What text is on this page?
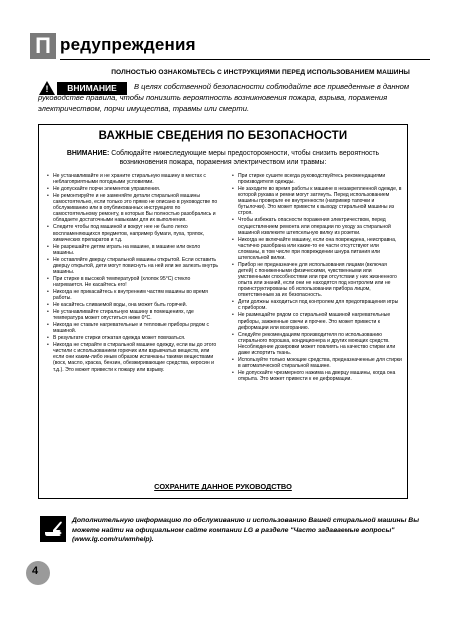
П редупреждения
ПОЛНОСТЬЮ ОЗНАКОМЬТЕСЬ С ИНСТРУКЦИЯМИ ПЕРЕД ИСПОЛЬЗОВАНИЕМ МАШИНЫ
!	ВНИМАНИЕ	В целях собственной безопасности соблюдайте все приведенные в данном руководстве правила, чтобы понизить вероятность возникновения пожара, взрыва, поражения электричеством, порчи имущества, травмы или смерти.
ВАЖНЫЕ СВЕДЕНИЯ ПО БЕЗОПАСНОСТИ
ВНИМАНИЕ: Соблюдайте нижеследующие меры предосторожности, чтобы снизить вероятность возникновения пожара, поражения электричеством или травмы:
• Не устанавливайте и не храните стиральную машину в местах с неблагоприятными погодными условиями.
• Не допускайте порчи элементов управления.
• Не ремонтируйте и не заменяйте детали стиральной машины самостоятельно, если только это прямо не описано в руководстве по обслуживанию или в опубликованных инструкциях по самостоятельному ремонту, в которых Вы полностью разобрались и обладаете достаточными навыками для их выполнения.
• Следите чтобы под машиной и вокруг нее не было легко воспламеняющихся предметов, например бумаги, пуха, тряпок, химических препаратов и т.д.
• Не разрешайте детям играть на машине, в машине или около машины.
• Не оставляйте дверцу стиральной машины открытой. Если оставить дверцу открытой, дети могут повиснуть на ней или же залезть внутрь машины.
• При стирке в высокой температурой (хлопок 95°C) стекло нагревается. Не касайтесь его!
• Никогда не прикасайтесь к внутренним частям машины во время работы.
• Не касайтесь сливаемой воды, она может быть горячей.
• Не устанавливайте стиральную машину в помещениях, где температура может опуститься ниже 0°C.
• Никогда не ставьте нагревательные и тепловые приборы рядом с машиной.
• В результате стирки отжатая одежда может повязаться.
• Никогда не стирайте в стиральной машине одежду, если вы до этого чистили с использованием горючих или взрывчатых веществ, или если они каким-либо иным образом испачканы такими веществами (воск, масло, краска, бензин, обезжиривающие средства, керосин и т.д.). Это может привести к пожару или взрыву.
• При стирке сушите всегда руководствуйтесь рекомендациями производителя одежды.
• Не заходите во время работы к машине в незакрепленной одежде, в которой рукава и ремни могут затянуть. Перед использованием машины проверьте ее внутренности (например тапочки и бутылочки). Это может привести к выходу стиральной машины из строя.
• Чтобы избежать опасности поражения электричеством, перед осуществлением ремонта или операции по уходу за стиральной машиной извлеките штепсельную вилку из розетки.
• Никогда не включайте машину, если она повреждена, неисправна, частично разобрана или какие-то ее части отсутствуют или сломаны, в том числе при повреждении шнура питания или штепсельной вилки.
• Прибор не предназначен для использования лицами (включая детей) с пониженными физическими, чувственными или умственными способностями или при отсутствии у них жизненного опыта или знаний, если они не находятся под контролем или не проинструктированы об использовании прибора лицом, ответственным за их безопасность.
• Дети должны находиться под контролем для предотвращения игры с прибором.
• Не размещайте рядом со стиральной машиной нагревательные приборы, зажженные свечи и прочее. Это может привести к деформации или возгоранию.
• Следуйте рекомендациям производителя по использованию стирального порошка, кондиционера и других моющих средств. Несоблюдение дозировки может повлиять на качество стирки или даже испортить ткань.
• Используйте только моющие средства, предназначенные для стирки в автоматической стиральной машине.
• Не допускайте чрезмерного нажима на дверцу машины, когда она открыта. Это может привести к ее деформации.
СОХРАНИТЕ ДАННОЕ РУКОВОДСТВО
Дополнительную информацию по обслуживанию и использованию Вашей стиральной машины Вы можете найти на официальном сайте компании LG в разделе "Часто задаваемые вопросы" (www.lg.com/ru/wmhelp).
4
